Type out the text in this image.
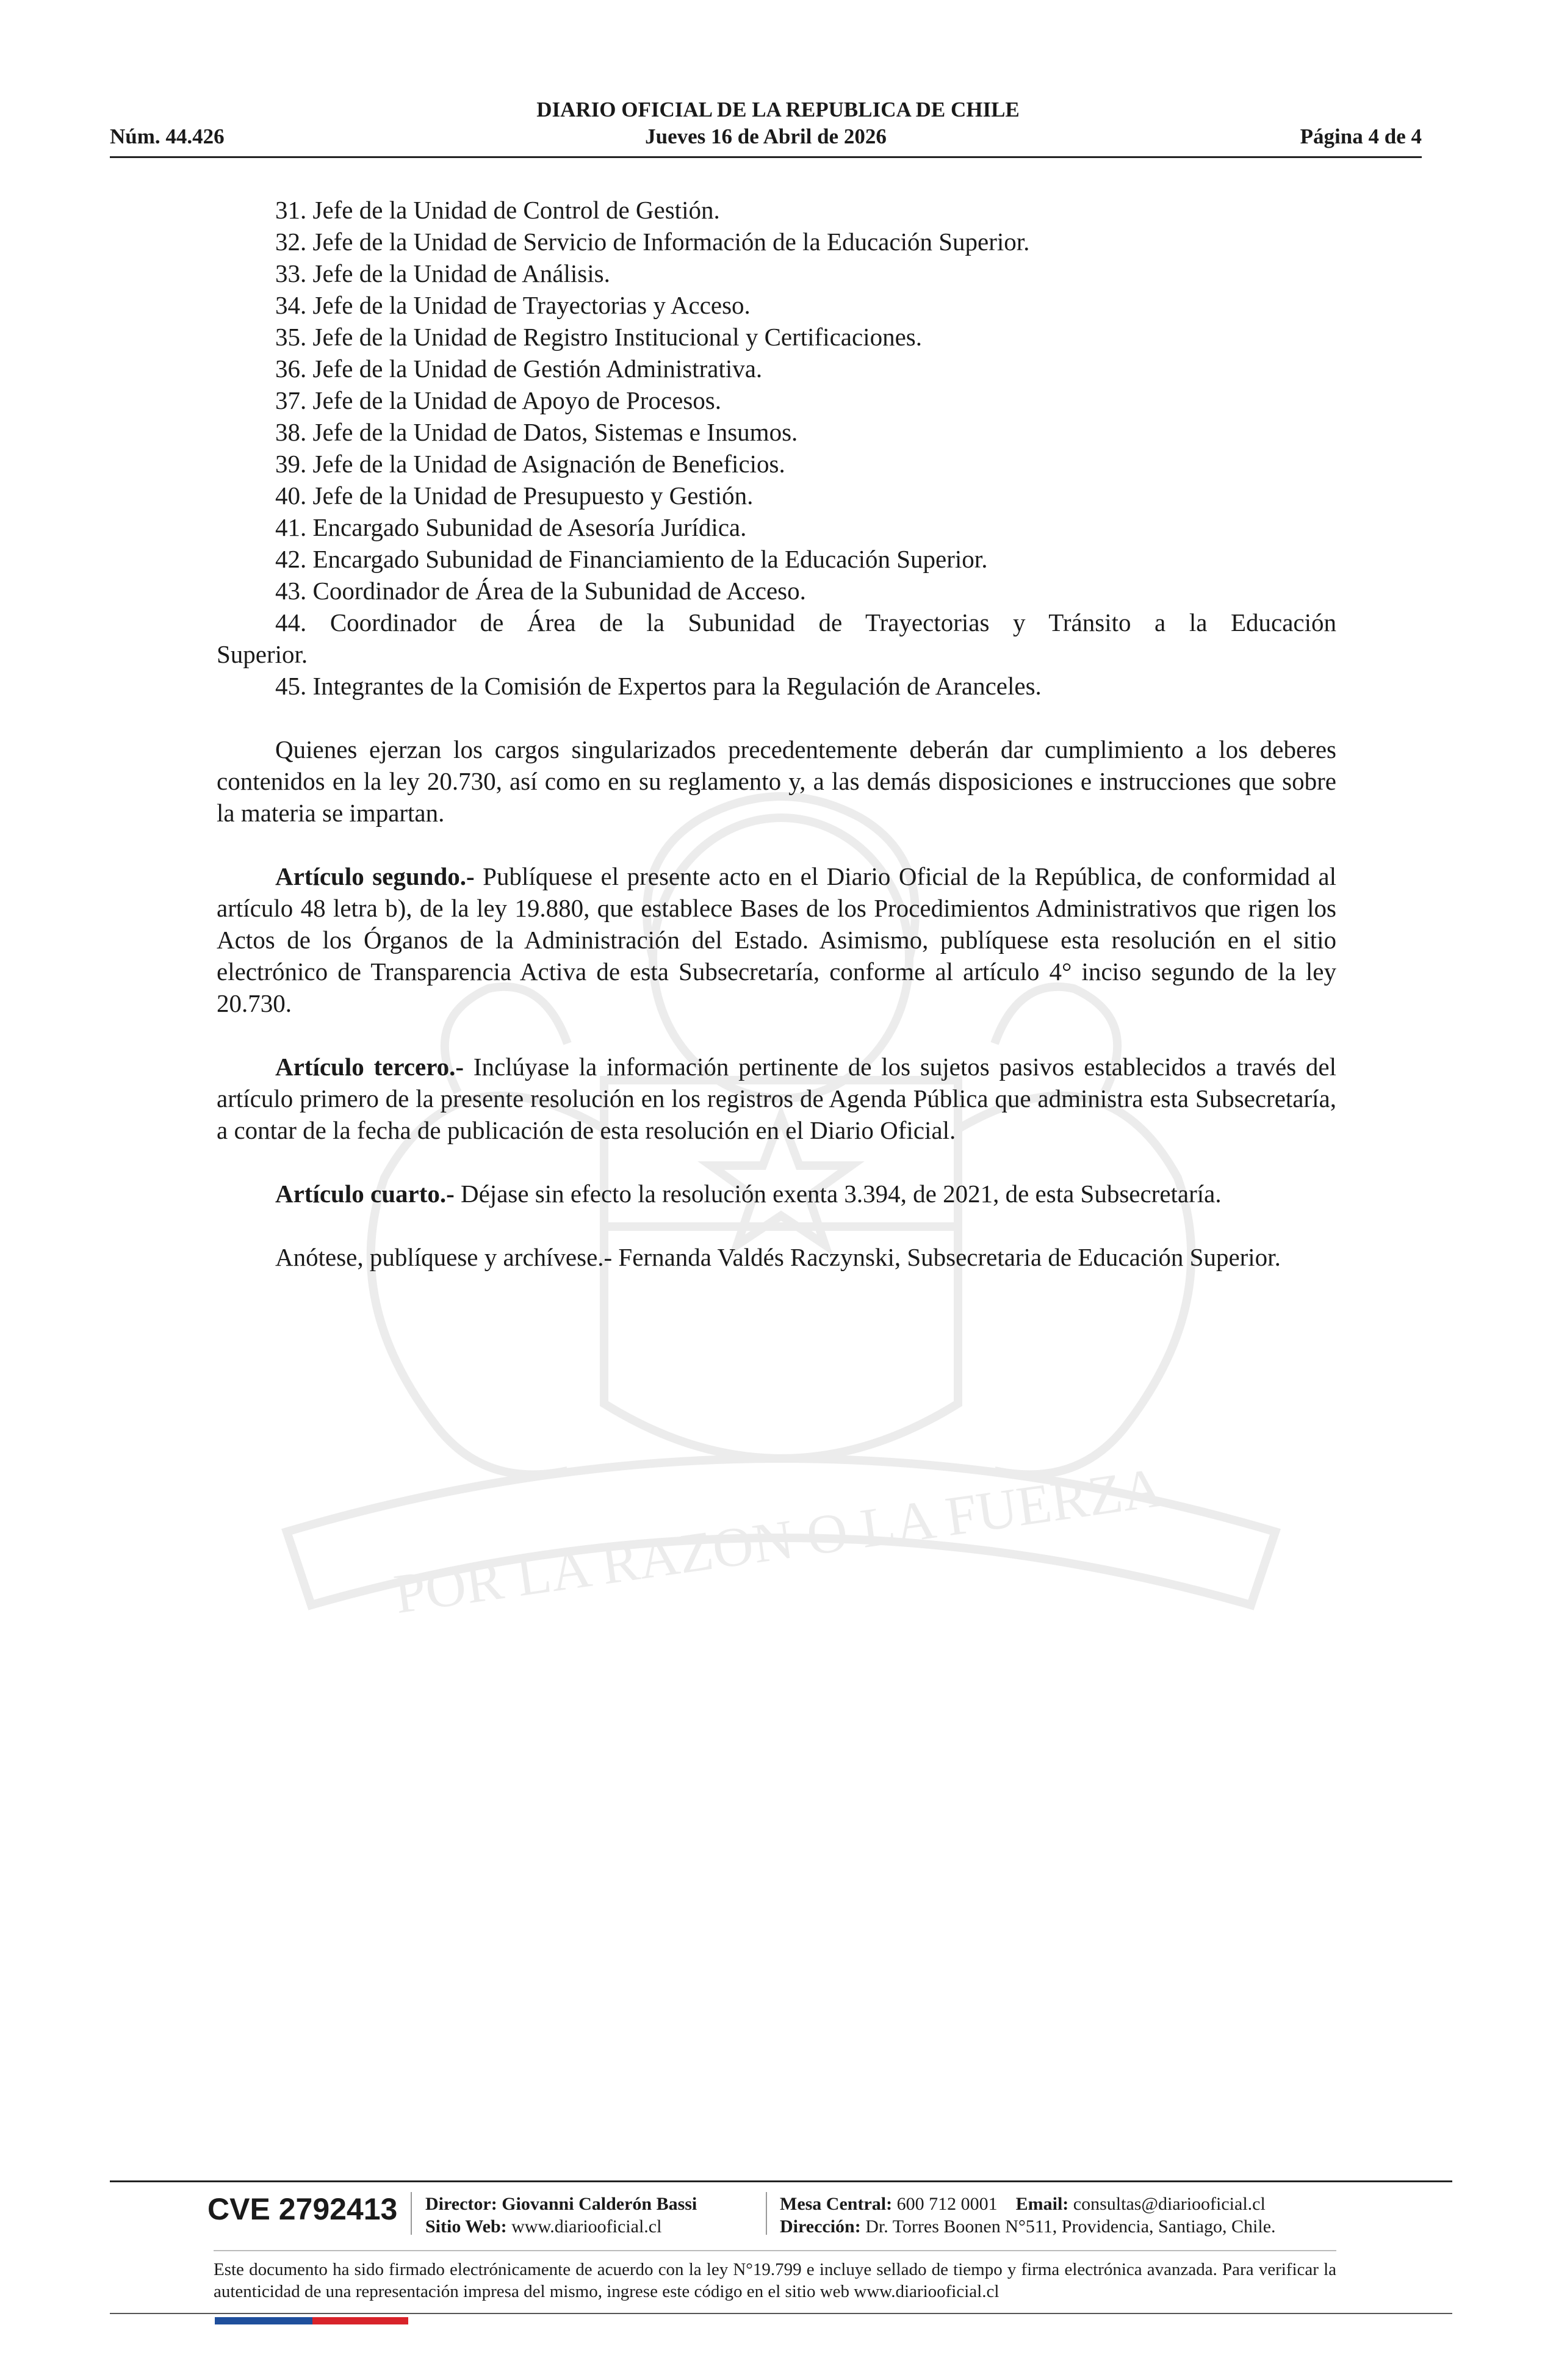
POR LA RAZON O LA FUERZA
DIARIO OFICIAL DE LA REPUBLICA DE CHILE
Núm. 44.426	Jueves 16 de Abril de 2026	Página 4 de 4

31. Jefe de la Unidad de Control de Gestión.

32. Jefe de la Unidad de Servicio de Información de la Educación Superior.

33. Jefe de la Unidad de Análisis.

34. Jefe de la Unidad de Trayectorias y Acceso.

35. Jefe de la Unidad de Registro Institucional y Certificaciones.

36. Jefe de la Unidad de Gestión Administrativa.

37. Jefe de la Unidad de Apoyo de Procesos.

38. Jefe de la Unidad de Datos, Sistemas e Insumos.

39. Jefe de la Unidad de Asignación de Beneficios.

40. Jefe de la Unidad de Presupuesto y Gestión.

41. Encargado Subunidad de Asesoría Jurídica.

42. Encargado Subunidad de Financiamiento de la Educación Superior.

43. Coordinador de Área de la Subunidad de Acceso.

44. Coordinador de Área de la Subunidad de Trayectorias y Tránsito a la Educación

Superior.

45. Integrantes de la Comisión de Expertos para la Regulación de Aranceles.

Quienes ejerzan los cargos singularizados precedentemente deberán dar cumplimiento a los deberes contenidos en la ley 20.730, así como en su reglamento y, a las demás disposiciones e instrucciones que sobre la materia se impartan.

Artículo segundo.- Publíquese el presente acto en el Diario Oficial de la República, de conformidad al artículo 48 letra b), de la ley 19.880, que establece Bases de los Procedimientos Administrativos que rigen los Actos de los Órganos de la Administración del Estado. Asimismo, publíquese esta resolución en el sitio electrónico de Transparencia Activa de esta Subsecretaría, conforme al artículo 4° inciso segundo de la ley 20.730.

Artículo tercero.- Inclúyase la información pertinente de los sujetos pasivos establecidos a través del artículo primero de la presente resolución en los registros de Agenda Pública que administra esta Subsecretaría, a contar de la fecha de publicación de esta resolución en el Diario Oficial.

Artículo cuarto.- Déjase sin efecto la resolución exenta 3.394, de 2021, de esta Subsecretaría.

Anótese, publíquese y archívese.- Fernanda Valdés Raczynski, Subsecretaria de Educación Superior.

CVE 2792413 Director: Giovanni Calderón Bassi
Sitio Web: www.diariooficial.cl
Mesa Central: 600 712 0001 Email: consultas@diariooficial.cl
Dirección: Dr. Torres Boonen N°511, Providencia, Santiago, Chile.
Este documento ha sido firmado electrónicamente de acuerdo con la ley N°19.799 e incluye sellado de tiempo y firma electrónica avanzada. Para verificar la autenticidad de una representación impresa del mismo, ingrese este código en el sitio web www.diariooficial.cl
